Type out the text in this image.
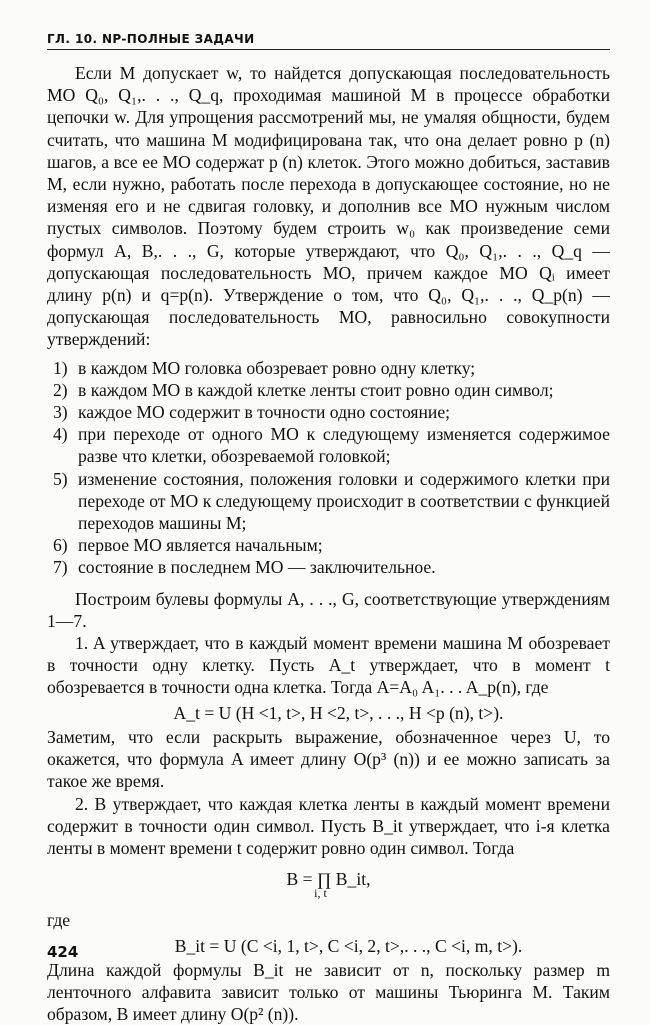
ГЛ. 10. NP-ПОЛНЫЕ ЗАДАЧИ

Если M допускает w, то найдется допускающая последовательность МО Q₀, Q₁,. . ., Q_q, проходимая машиной M в процессе обработки цепочки w. Для упрощения рассмотрений мы, не умаляя общности, будем считать, что машина M модифицирована так, что она делает ровно p (n) шагов, а все ее МО содержат p (n) клеток. Этого можно добиться, заставив M, если нужно, работать после перехода в допускающее состояние, но не изменяя его и не сдвигая головку, и дополнив все МО нужным числом пустых символов. Поэтому будем строить w₀ как произведение семи формул A, B,. . ., G, которые утверждают, что Q₀, Q₁,. . ., Q_q — допускающая последовательность МО, причем каждое МО Qᵢ имеет длину p(n) и q=p(n). Утверждение о том, что Q₀, Q₁,. . ., Q_p(n) — допускающая последовательность МО, равносильно совокупности утверждений:

1) в каждом МО головка обозревает ровно одну клетку;
2) в каждом МО в каждой клетке ленты стоит ровно один символ;
3) каждое МО содержит в точности одно состояние;
4) при переходе от одного МО к следующему изменяется содержимое разве что клетки, обозреваемой головкой;
5) изменение состояния, положения головки и содержимого клетки при переходе от МО к следующему происходит в соответствии с функцией переходов машины M;
6) первое МО является начальным;
7) состояние в последнем МО — заключительное.

Построим булевы формулы A, . . ., G, соответствующие утверждениям 1—7.

1. A утверждает, что в каждый момент времени машина M обозревает в точности одну клетку. Пусть A_t утверждает, что в момент t обозревается в точности одна клетка. Тогда A=A₀ A₁. . . A_p(n), где

A_t = U (H <1, t>, H <2, t>, . . ., H <p (n), t>).

Заметим, что если раскрыть выражение, обозначенное через U, то окажется, что формула A имеет длину O(p³ (n)) и ее можно записать за такое же время.

2. B утверждает, что каждая клетка ленты в каждый момент времени содержит в точности один символ. Пусть B_it утверждает, что i-я клетка ленты в момент времени t содержит ровно один символ. Тогда

B = ∏ B_it,
i, t

где

B_it = U (C <i, 1, t>, C <i, 2, t>,. . ., C <i, m, t>).

Длина каждой формулы B_it не зависит от n, поскольку размер m ленточного алфавита зависит только от машины Тьюринга M. Таким образом, B имеет длину O(p² (n)).

424
